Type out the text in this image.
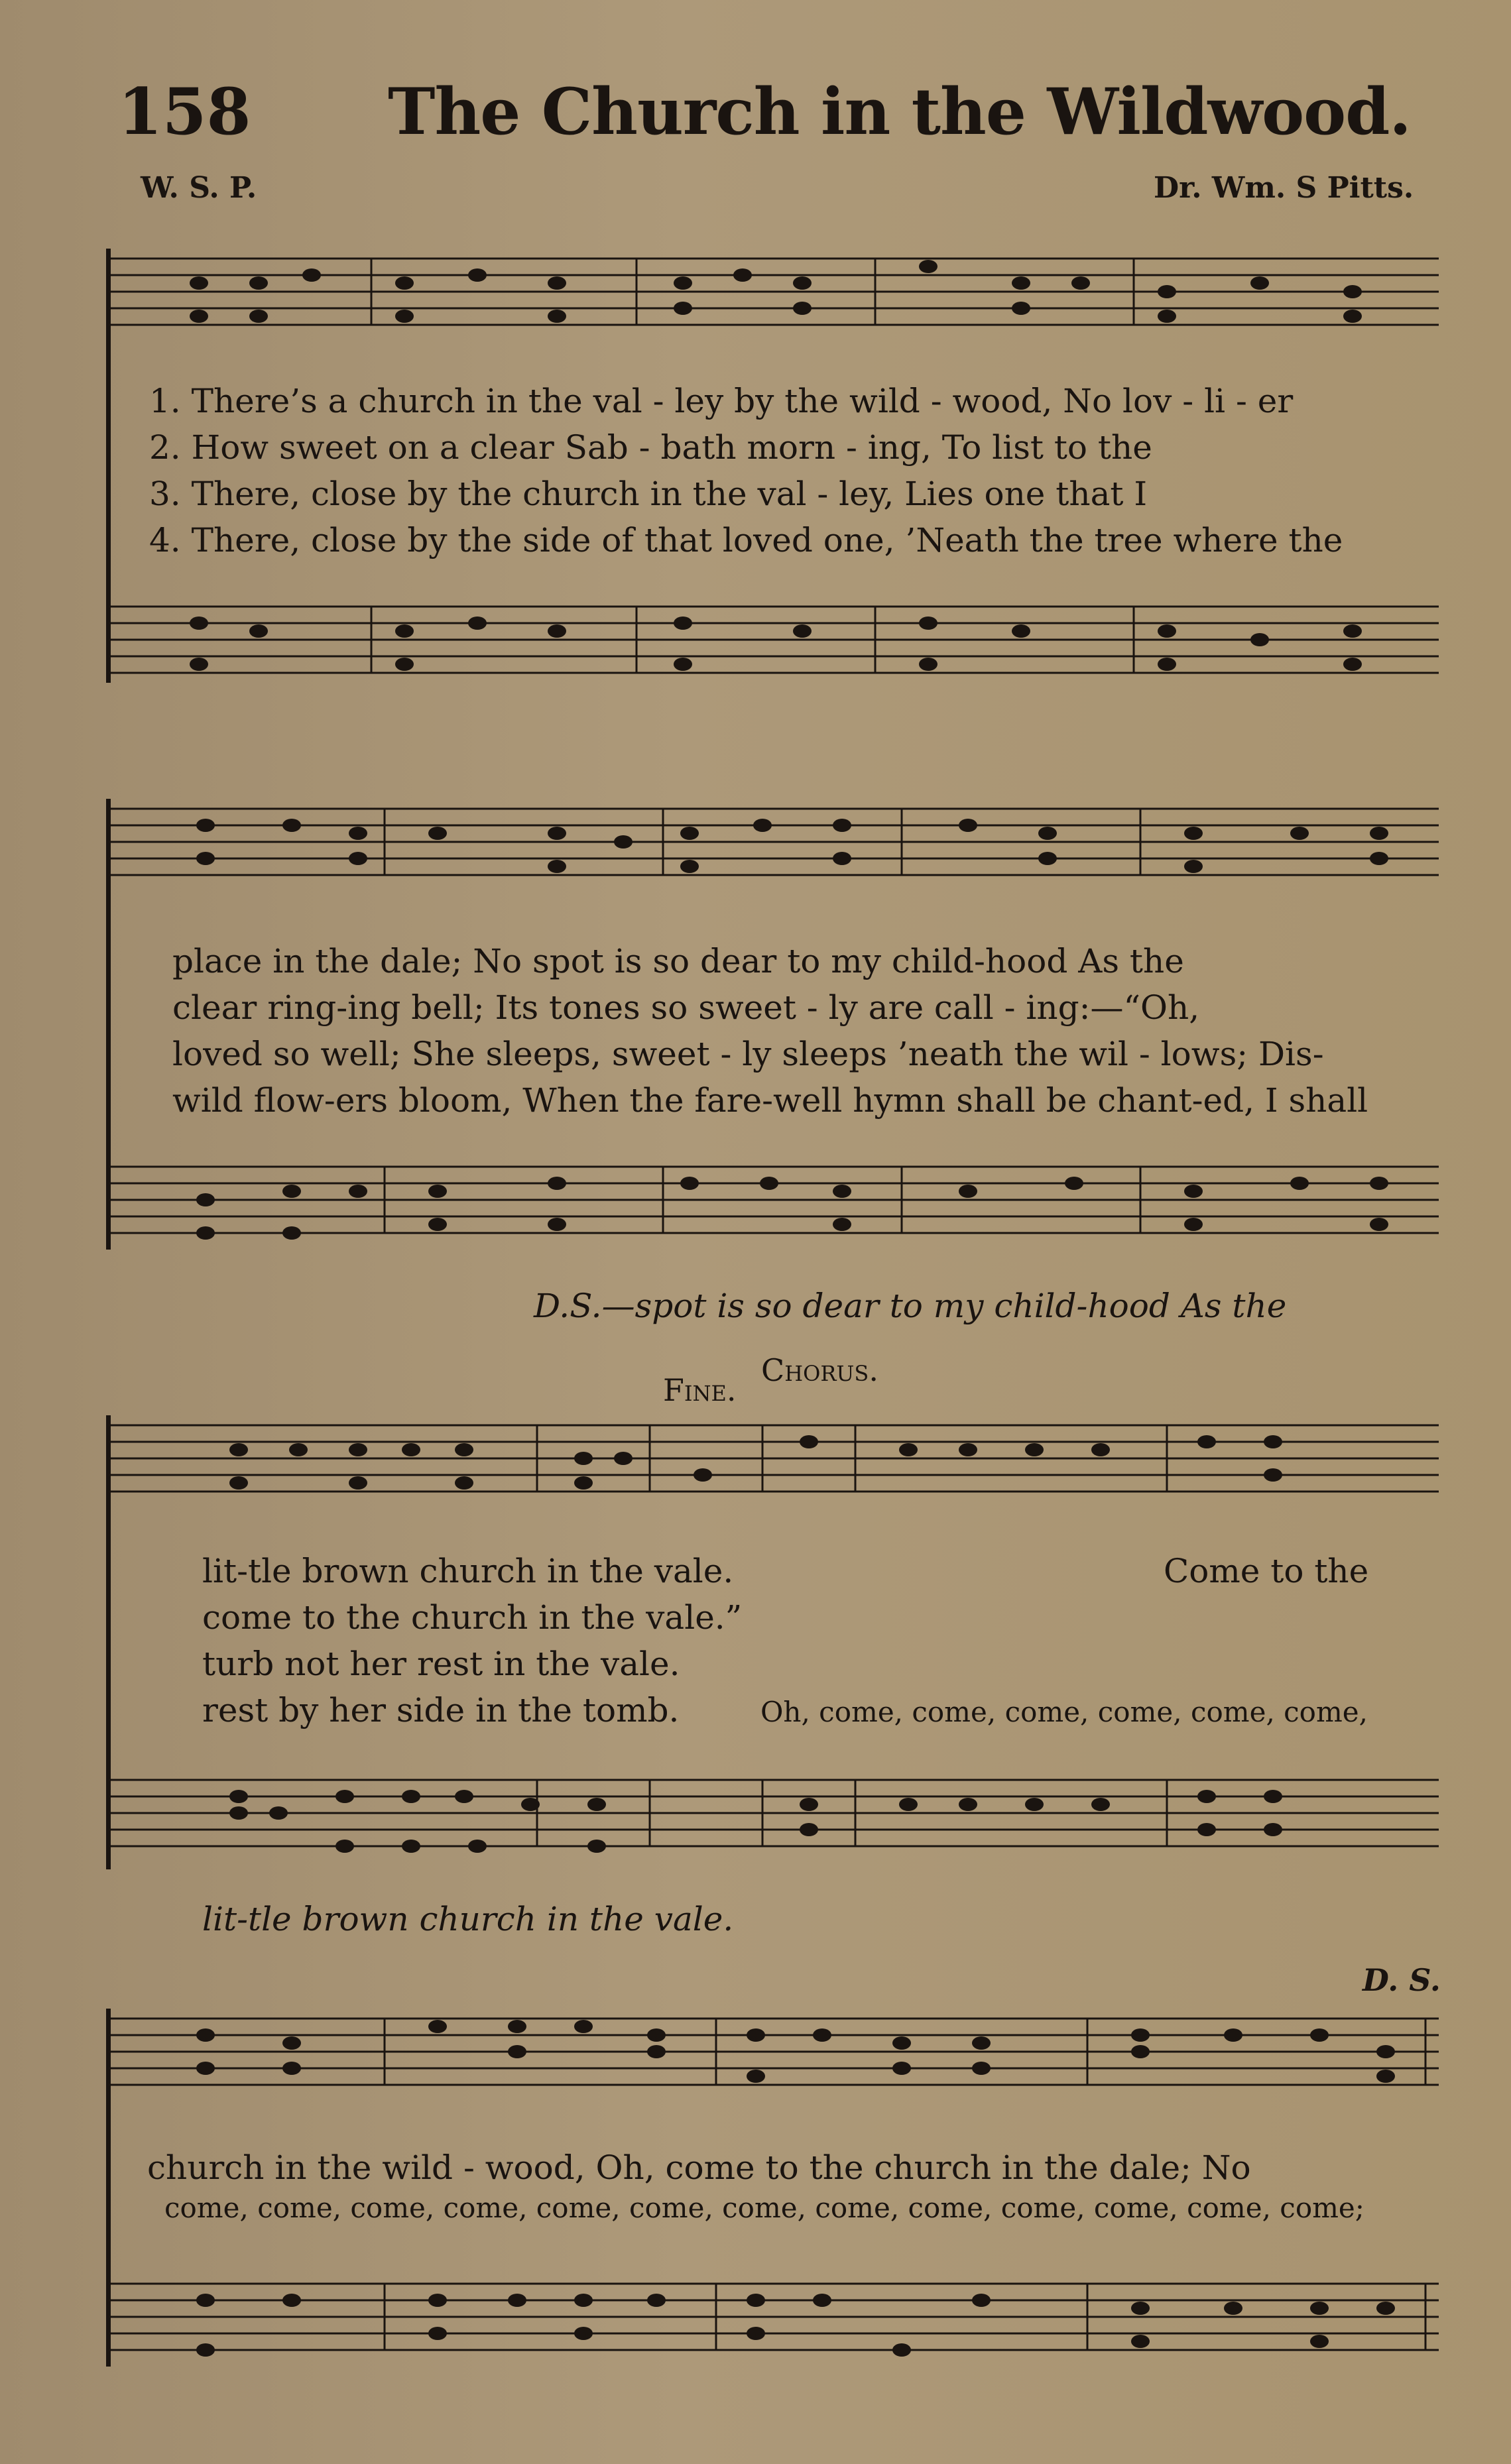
158 The Church in the Wildwood.
W. S. P.	Dr. Wm. S Pitts.
1. There’s a church in the val - ley by the wild - wood, No lov - li - er
2. How sweet on a clear Sab - bath morn - ing, To list to the
3. There, close by the church in the val - ley, Lies one that I
4. There, close by the side of that loved one, ’Neath the tree where the
place in the dale; No spot is so dear to my child-hood As the
clear ring-ing bell; Its tones so sweet - ly are call - ing:—“Oh,
loved so well; She sleeps, sweet - ly sleeps ’neath the wil - lows; Dis-
wild flow-ers bloom, When the fare-well hymn shall be chant-ed, I shall
D.S.—spot is so dear to my child-hood As the
Fine.
Chorus.
lit-tle brown church in the vale.
come to the church in the vale.”
turb not her rest in the vale.
rest by her side in the tomb.
Come to the
Oh, come, come, come, come, come, come,
lit-tle brown church in the vale.
D. S.
church in the wild - wood, Oh, come to the church in the dale; No
come, come, come, come, come, come, come, come, come, come, come, come, come;
